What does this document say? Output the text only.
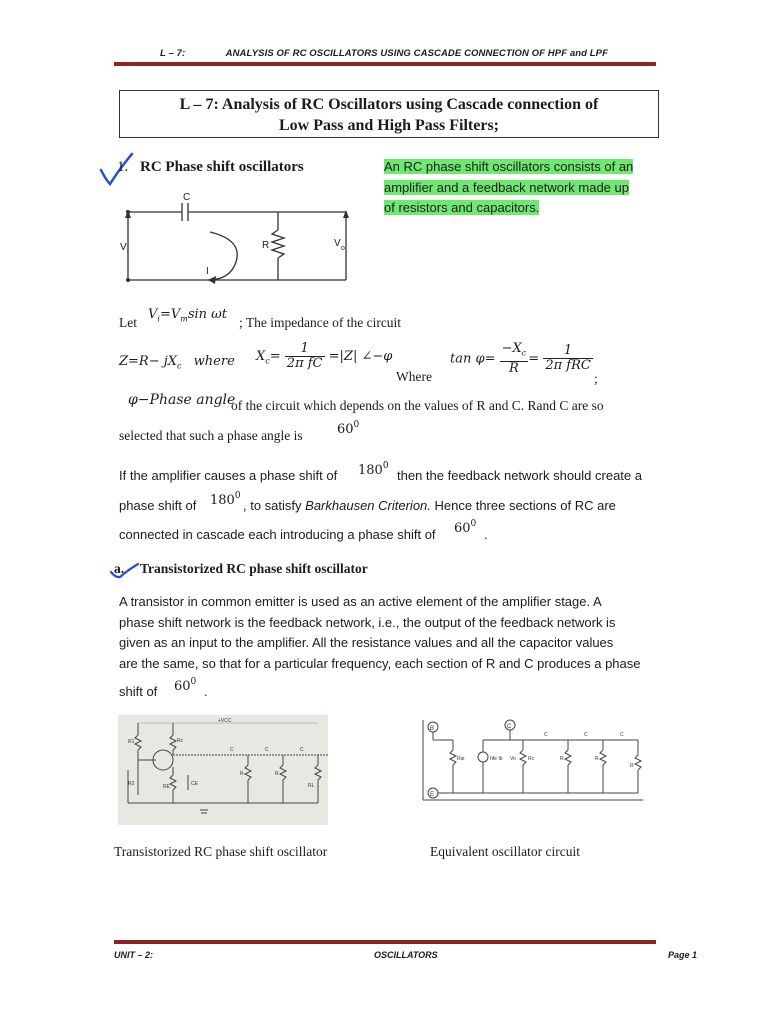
L – 7:	ANALYSIS OF RC OSCILLATORS USING CASCADE CONNECTION OF HPF and LPF
L – 7: Analysis of RC Oscillators using Cascade connection of
Low Pass and High Pass Filters;
1. RC Phase shift oscillators	An RC phase shift oscillators consists of an
amplifier and a feedback network made up
of resistors and capacitors.
C
R
V i
V o
I
Let
$V_i=V_m\sin$ ωt
; The impedance of the circuit
$Z=R- jX_c$ where $X_c= \frac{1}{\text{2π fC}} =|Z|$ ∠−φ
Where
$\tan \varphi= \frac{-X_c}{R} = \frac{1}{\text{2π fRC}}$
;
φ−Phase angle
of the circuit which depends on the values of R and C. Rand C are so
selected that such a phase angle is	$60^0$
If the amplifier causes a phase shift of $180^0$
then the feedback network should create a
phase shift of $180^0$
, to satisfy Barkhausen Criterion. Hence three sections of RC are
connected in cascade each introducing a phase shift of $60^0$
.
a. Transistorized RC phase shift oscillator
A transistor in common emitter is used as an active element of the amplifier stage. A
phase shift network is the feedback network, i.e., the output of the feedback network is
given as an input to the amplifier. All the resistance values and all the capacitor values
are the same, so that for a particular frequency, each section of R and C produces a phase
shift of $60^0$
.
+VCC
Rc
R1
R2	RE	CE
C	C	C
R	R
RL
B
E
C
Rie	hfe Ib Vo Rc
C	C	C
R	R
R
Transistorized RC phase shift oscillator	Equivalent oscillator circuit
UNIT – 2:	OSCILLATORS	Page 1
